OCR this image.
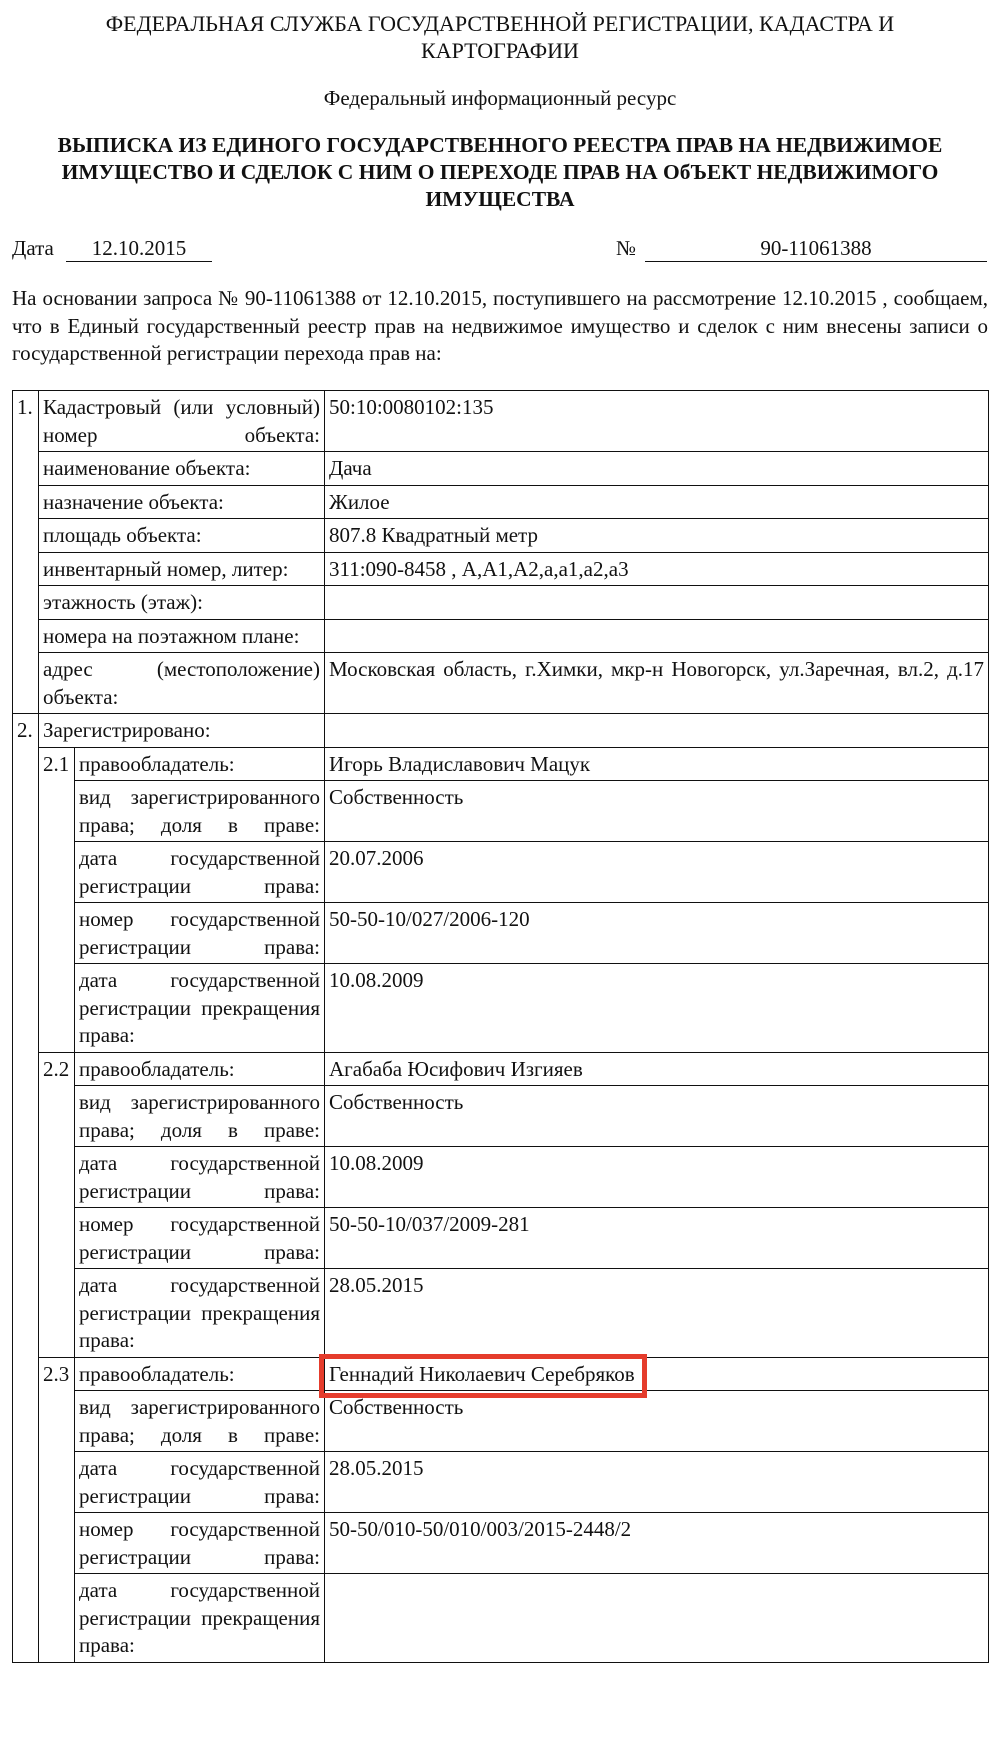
ФЕДЕРАЛЬНАЯ СЛУЖБА ГОСУДАРСТВЕННОЙ РЕГИСТРАЦИИ, КАДАСТРА И КАРТОГРАФИИ
Федеральный информационный ресурс
ВЫПИСКА ИЗ ЕДИНОГО ГОСУДАРСТВЕННОГО РЕЕСТРА ПРАВ НА НЕДВИЖИМОЕ ИМУЩЕСТВО И СДЕЛОК С НИМ О ПЕРЕХОДЕ ПРАВ НА ОбЪЕКТ НЕДВИЖИМОГО ИМУЩЕСТВА
Дата	12.10.2015	№	90-11061388
На основании запроса № 90-11061388 от 12.10.2015, поступившего на рассмотрение 12.10.2015 , сообщаем, что в Единый государственный реестр прав на недвижимое имущество и сделок с ним внесены записи о государственной регистрации перехода прав на:
1.	Кадастровый (или условный) номер объекта:		50:10:0080102:135
	наименование объекта:		Дача
	назначение объекта:		Жилое
	площадь объекта:		807.8 Квадратный метр
	инвентарный номер, литер:		311:090-8458 , А,А1,А2,а,а1,а2,а3
	этажность (этаж):		
	номера на поэтажном плане:		
	адрес (местоположение) объекта:		Московская область, г.Химки, мкр-н Новогорск, ул.Заречная, вл.2, д.17
2.	Зарегистрировано:		
	2.1	правообладатель:	Игорь Владиславович Мацук
		вид зарегистрированного права; доля в праве:	Собственность
		дата государственной регистрации права:	20.07.2006
		номер государственной регистрации права:	50-50-10/027/2006-120
		дата государственной регистрации прекращения права:	10.08.2009
	2.2	правообладатель:	Агабаба Юсифович Изгияев
		вид зарегистрированного права; доля в праве:	Собственность
		дата государственной регистрации права:	10.08.2009
		номер государственной регистрации права:	50-50-10/037/2009-281
		дата государственной регистрации прекращения права:	28.05.2015
	2.3	правообладатель:	Геннадий Николаевич Серебряков
		вид зарегистрированного права; доля в праве:	Собственность
		дата государственной регистрации права:	28.05.2015
		номер государственной регистрации права:	50-50/010-50/010/003/2015-2448/2
		дата государственной регистрации прекращения права:	
